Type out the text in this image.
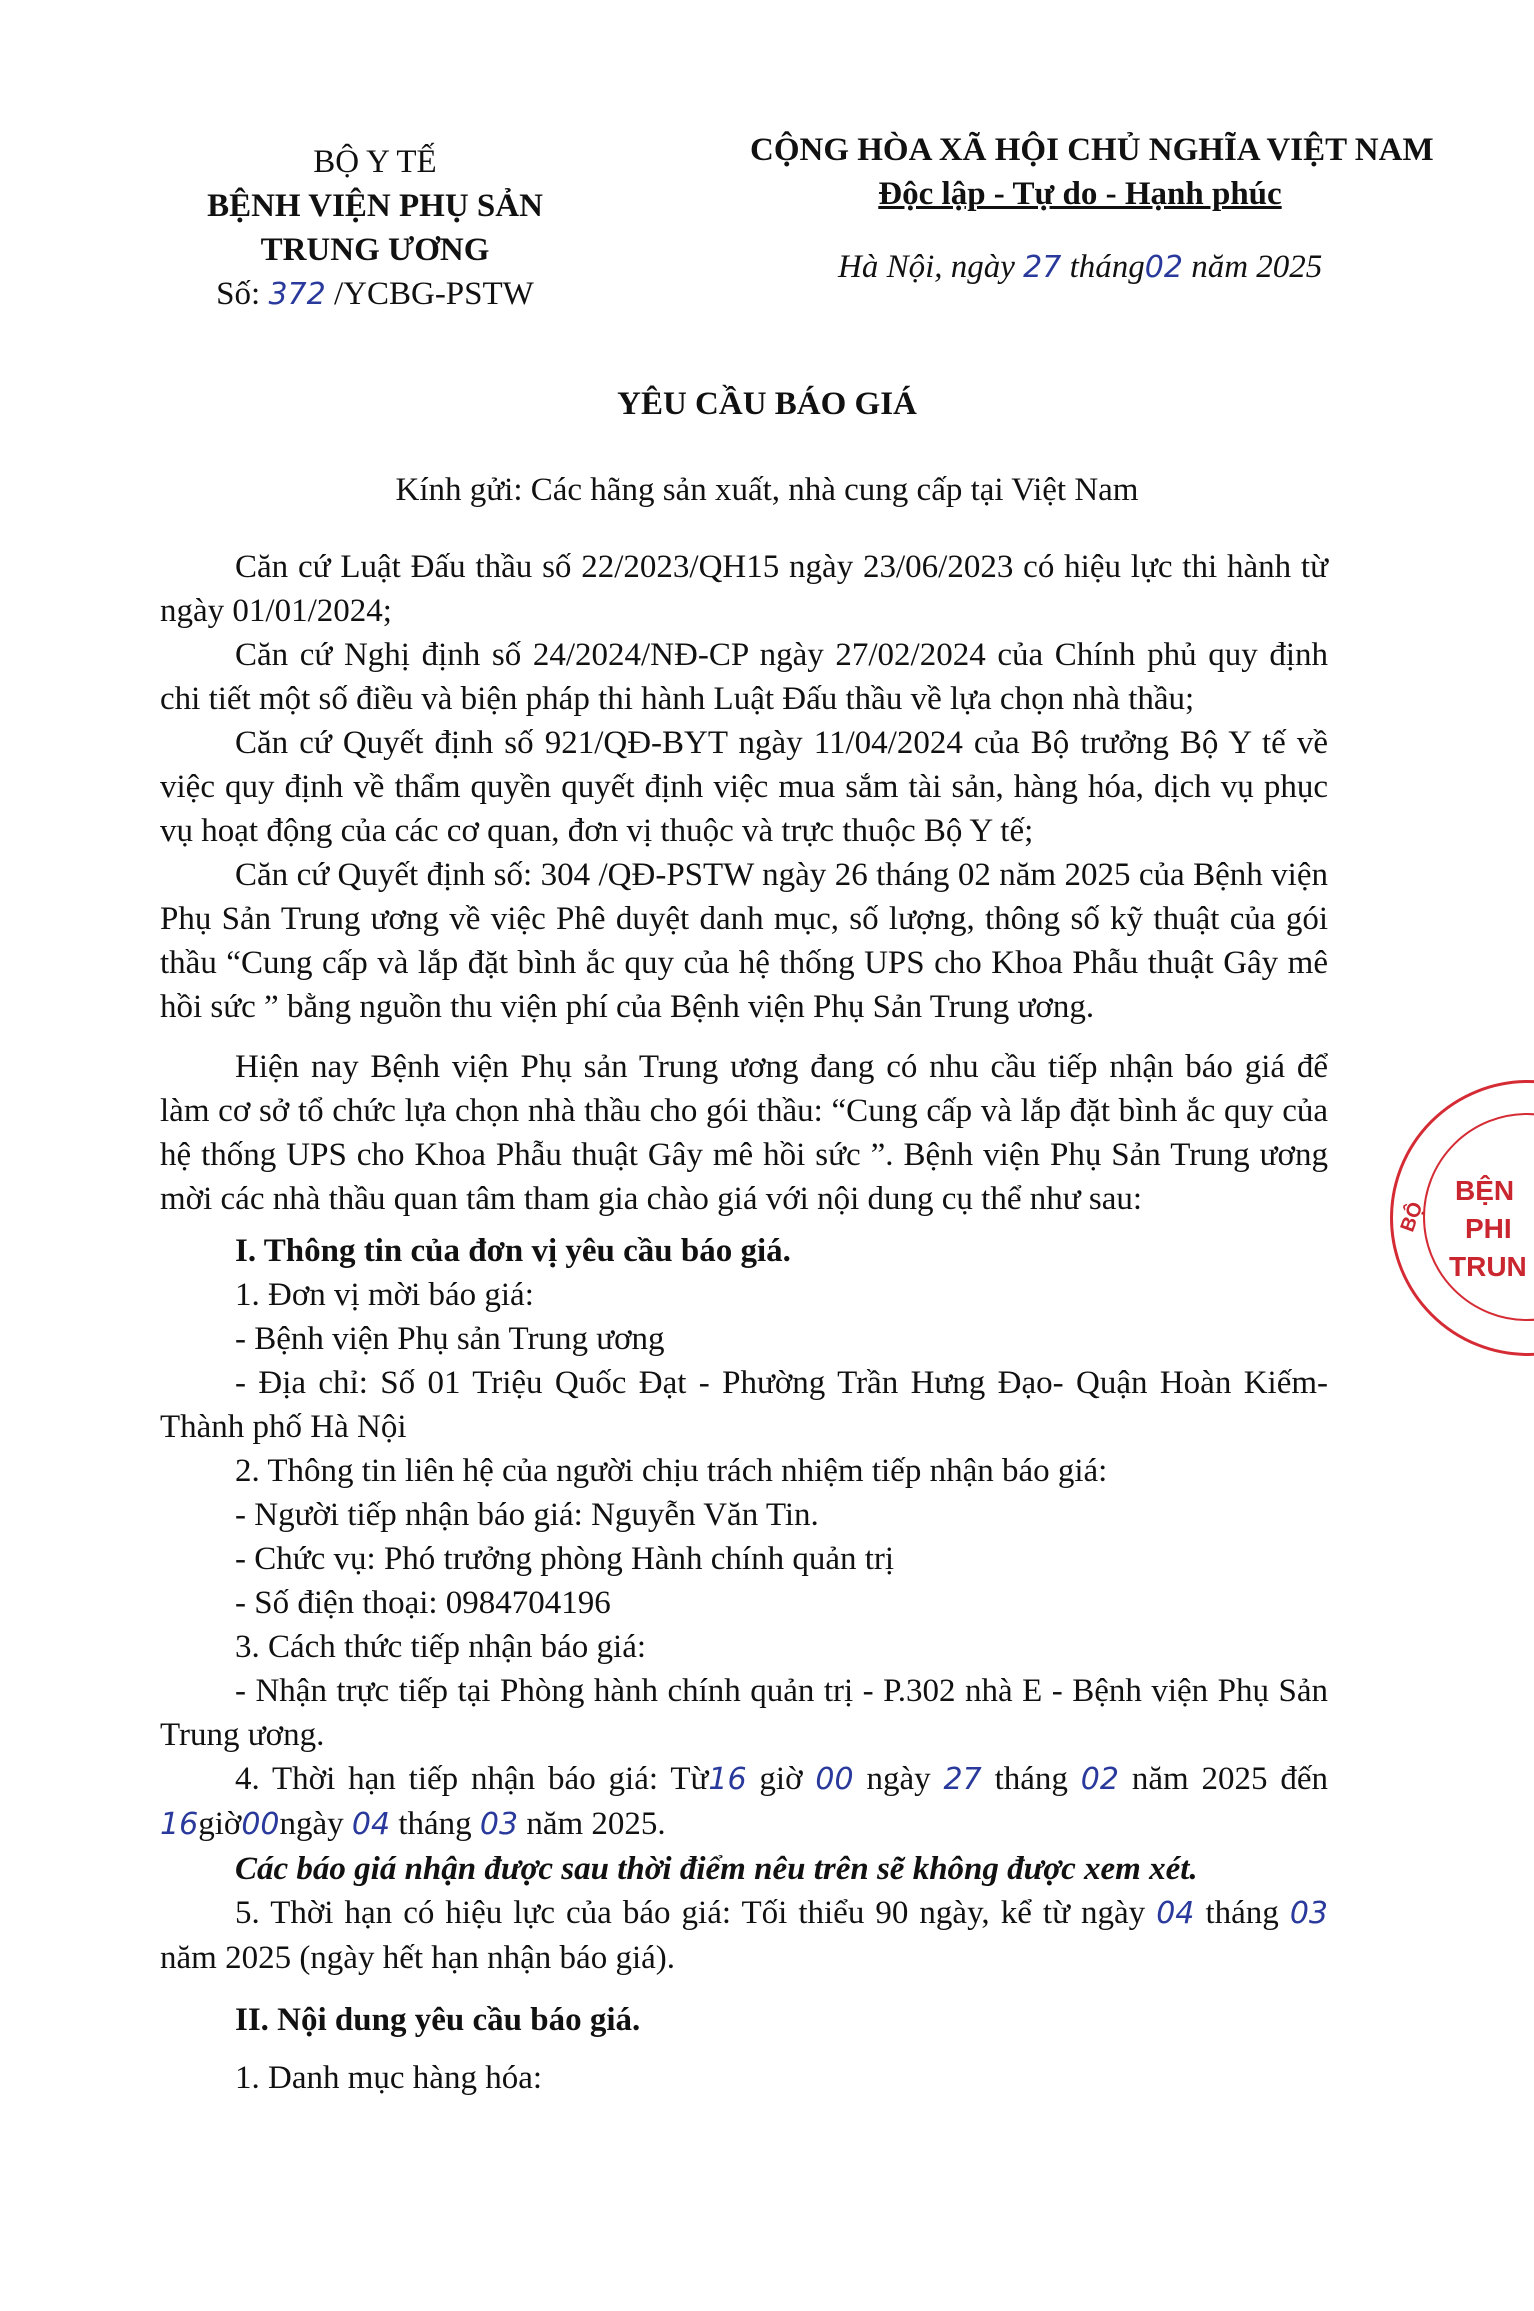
BỘ Y TẾ
BỆNH VIỆN PHỤ SẢN
TRUNG ƯƠNG
Số: 372 /YCBG-PSTW
CỘNG HÒA XÃ HỘI CHỦ NGHĨA VIỆT NAM
Độc lập - Tự do - Hạnh phúc
Hà Nội, ngày 27 tháng02 năm 2025
YÊU CẦU BÁO GIÁ
Kính gửi: Các hãng sản xuất, nhà cung cấp tại Việt Nam

Căn cứ Luật Đấu thầu số 22/2023/QH15 ngày 23/06/2023 có hiệu lực thi hành từ ngày 01/01/2024;

Căn cứ Nghị định số 24/2024/NĐ-CP ngày 27/02/2024 của Chính phủ quy định chi tiết một số điều và biện pháp thi hành Luật Đấu thầu về lựa chọn nhà thầu;

Căn cứ Quyết định số 921/QĐ-BYT ngày 11/04/2024 của Bộ trưởng Bộ Y tế về việc quy định về thẩm quyền quyết định việc mua sắm tài sản, hàng hóa, dịch vụ phục vụ hoạt động của các cơ quan, đơn vị thuộc và trực thuộc Bộ Y tế;

Căn cứ Quyết định số: 304 /QĐ-PSTW ngày 26 tháng 02 năm 2025 của Bệnh viện Phụ Sản Trung ương về việc Phê duyệt danh mục, số lượng, thông số kỹ thuật của gói thầu “Cung cấp và lắp đặt bình ắc quy của hệ thống UPS cho Khoa Phẫu thuật Gây mê hồi sức ” bằng nguồn thu viện phí của Bệnh viện Phụ Sản Trung ương.

Hiện nay Bệnh viện Phụ sản Trung ương đang có nhu cầu tiếp nhận báo giá để làm cơ sở tổ chức lựa chọn nhà thầu cho gói thầu: “Cung cấp và lắp đặt bình ắc quy của hệ thống UPS cho Khoa Phẫu thuật Gây mê hồi sức ”. Bệnh viện Phụ Sản Trung ương mời các nhà thầu quan tâm tham gia chào giá với nội dung cụ thể như sau:

I. Thông tin của đơn vị yêu cầu báo giá.

1. Đơn vị mời báo giá:

- Bệnh viện Phụ sản Trung ương

- Địa chỉ: Số 01 Triệu Quốc Đạt - Phường Trần Hưng Đạo- Quận Hoàn Kiếm- Thành phố Hà Nội

2. Thông tin liên hệ của người chịu trách nhiệm tiếp nhận báo giá:

- Người tiếp nhận báo giá: Nguyễn Văn Tin.

- Chức vụ: Phó trưởng phòng Hành chính quản trị

- Số điện thoại: 0984704196

3. Cách thức tiếp nhận báo giá:

- Nhận trực tiếp tại Phòng hành chính quản trị - P.302 nhà E - Bệnh viện Phụ Sản Trung ương.

4. Thời hạn tiếp nhận báo giá: Từ16 giờ 00 ngày 27 tháng 02 năm 2025 đến 16giờ00ngày 04 tháng 03 năm 2025.

Các báo giá nhận được sau thời điểm nêu trên sẽ không được xem xét.

5. Thời hạn có hiệu lực của báo giá: Tối thiểu 90 ngày, kể từ ngày 04 tháng 03 năm 2025 (ngày hết hạn nhận báo giá).

II. Nội dung yêu cầu báo giá.

1. Danh mục hàng hóa:

BỆN
PHI
TRUN
BỘ
